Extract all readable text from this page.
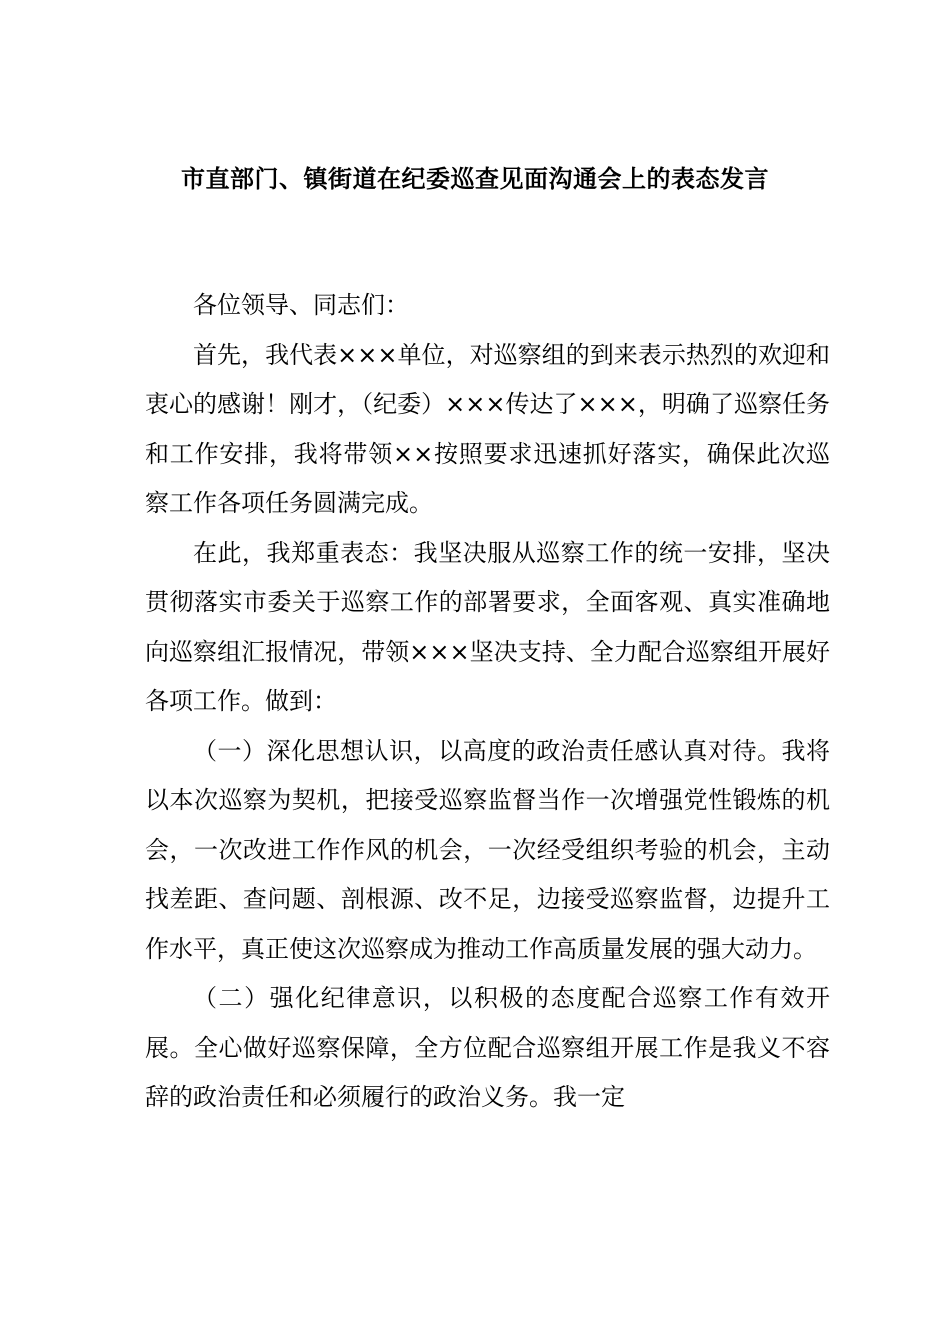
市直部门、镇街道在纪委巡查见面沟通会上的表态发言

各位领导、同志们：

首先，我代表×××单位，对巡察组的到来表示热烈的欢迎和衷心的感谢！刚才，（纪委）×××传达了×××，明确了巡察任务和工作安排，我将带领××按照要求迅速抓好落实，确保此次巡察工作各项任务圆满完成。

在此，我郑重表态：我坚决服从巡察工作的统一安排，坚决贯彻落实市委关于巡察工作的部署要求，全面客观、真实准确地向巡察组汇报情况，带领×××坚决支持、全力配合巡察组开展好各项工作。做到：

（一）深化思想认识，以高度的政治责任感认真对待。我将以本次巡察为契机，把接受巡察监督当作一次增强党性锻炼的机会，一次改进工作作风的机会，一次经受组织考验的机会，主动找差距、查问题、剖根源、改不足，边接受巡察监督，边提升工作水平，真正使这次巡察成为推动工作高质量发展的强大动力。

（二）强化纪律意识，以积极的态度配合巡察工作有效开展。全心做好巡察保障，全方位配合巡察组开展工作是我义不容辞的政治责任和必须履行的政治义务。我一定
